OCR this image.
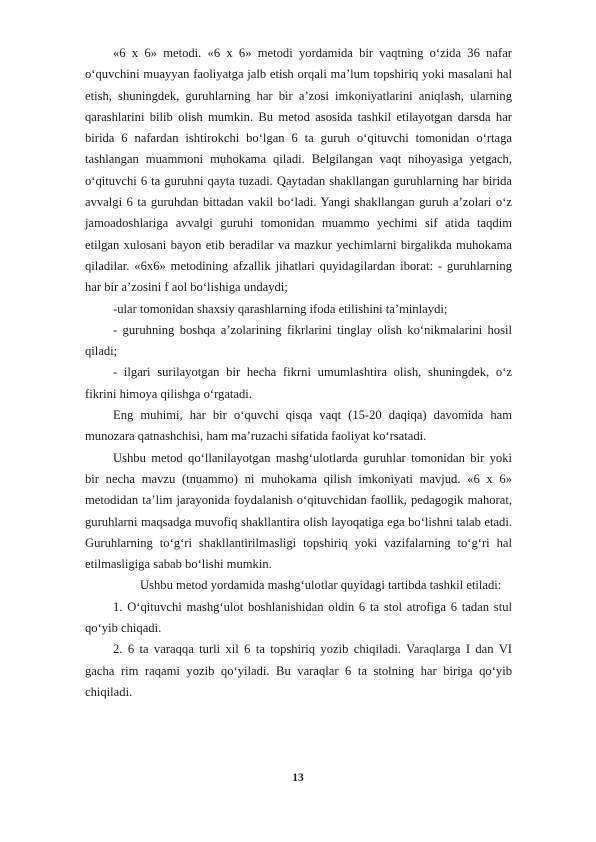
«6 x 6» metodi. «6 x 6» metodi yordamida bir vaqtning o‘zida 36 nafar o‘quvchini muayyan faoliyatga jalb etish orqali ma’lum topshiriq yoki masalani hal etish, shuningdek, guruhlarning har bir a’zosi imkoniyatlarini aniqlash, ularning qarashlarini bilib olish mumkin. Bu metod asosida tashkil etilayotgan darsda har birida 6 nafardan ishtirokchi bo‘lgan 6 ta guruh o‘qituvchi tomonidan o‘rtaga tashlangan muammoni muhokama qiladi. Belgilangan vaqt nihoyasiga yetgach, o‘qituvchi 6 ta guruhni qayta tuzadi. Qaytadan shakllangan guruhlarning har birida avvalgi 6 ta guruhdan bittadan vakil bo‘ladi. Yangi shakllangan guruh a’zolari o‘z jamoadoshlariga avvalgi guruhi tomonidan muammo yechimi sif atida taqdim etilgan xulosani bayon etib beradilar va mazkur yechimlarni birgalikda muhokama qiladilar. «6x6» metodining afzallik jihatlari quyidagilardan iborat: - guruhlarning har bir a’zosini f aol bo‘lishiga undaydi;

-ular tomonidan shaxsiy qarashlarning ifoda etilishini ta’minlaydi;

- guruhning boshqa a’zolarining fikrlarini tinglay olish ko‘nikmalarini hosil qiladi;

- ilgari surilayotgan bir hecha fikrni umumlashtira olish, shuningdek, o‘z fikrini himoya qilishga o‘rgatadi.

Eng muhimi, har bir o‘quvchi qisqa vaqt (15-20 daqiqa) davomida ham munozara qatnashchisi, ham ma’ruzachi sifatida faoliyat ko‘rsatadi.

Ushbu metod qo‘llanilayotgan mashg‘ulotlarda guruhlar tomonidan bir yoki bir necha mavzu (tnuammo) ni muhokama qilish imkoniyati mavjud. «6 x 6» metodidan ta’lim jarayonida foydalanish o‘qituvchidan faollik, pedagogik mahorat, guruhlarni maqsadga muvofiq shakllantira olish layoqatiga ega bo‘lishni talab etadi. Guruhlarning to‘g‘ri shakllantirilmasligi topshiriq yoki vazifalarning to‘g‘ri hal etilmasligiga sabab bo‘lishi mumkin.

Ushbu metod yordamida mashg‘ulotlar quyidagi tartibda tashkil etiladi:

1. O‘qituvchi mashg‘ulot boshlanishidan oldin 6 ta stol atrofiga 6 tadan stul qo‘yib chiqadi.

2. 6 ta varaqqa turli xil 6 ta topshiriq yozib chiqiladi. Varaqlarga I dan VI gacha rim raqami yozib qo‘yiladi. Bu varaqlar 6 ta stolning har biriga qo‘yib chiqiladi.

13
